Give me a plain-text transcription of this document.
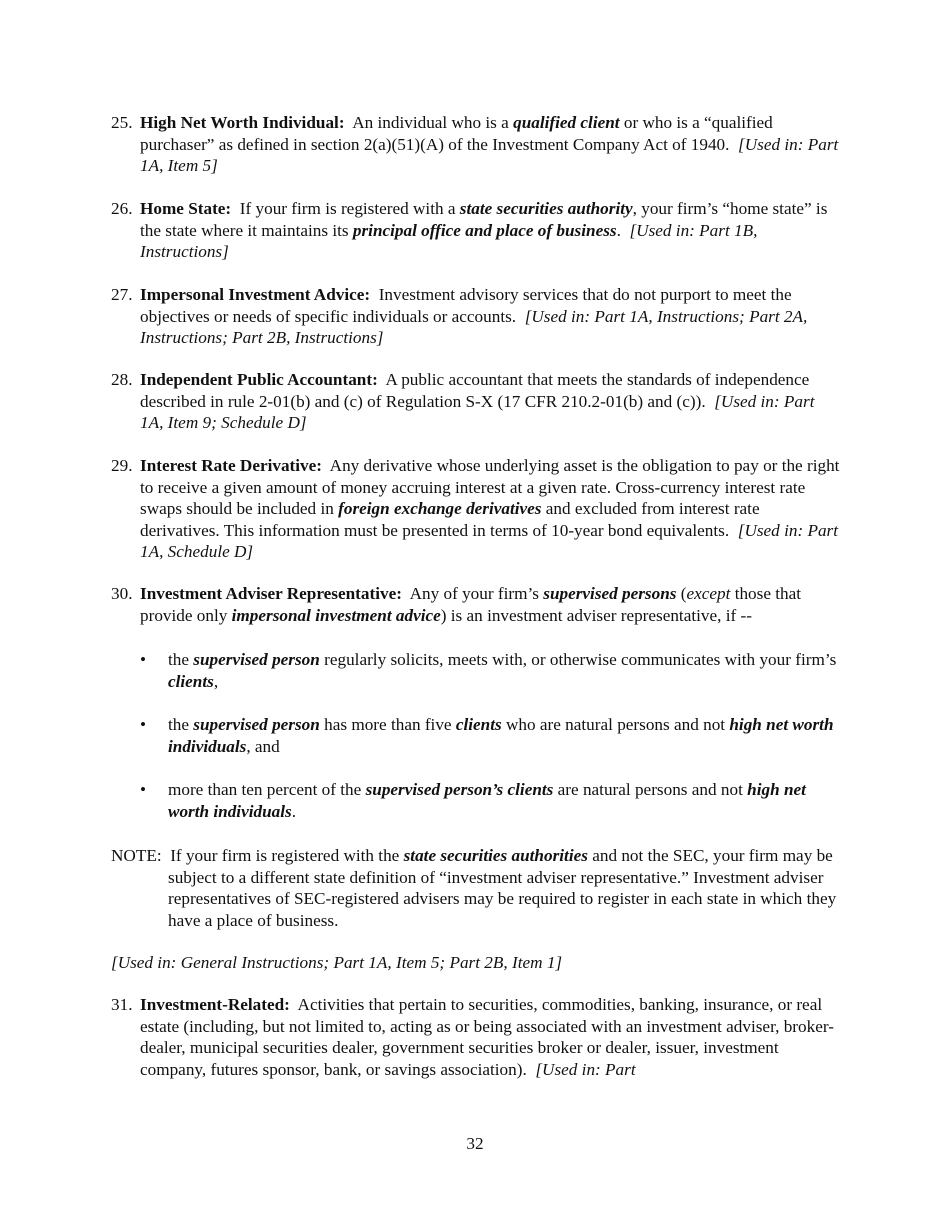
25. High Net Worth Individual: An individual who is a qualified client or who is a “qualified purchaser” as defined in section 2(a)(51)(A) of the Investment Company Act of 1940. [Used in: Part 1A, Item 5]
26. Home State: If your firm is registered with a state securities authority, your firm’s “home state” is the state where it maintains its principal office and place of business. [Used in: Part 1B, Instructions]
27. Impersonal Investment Advice: Investment advisory services that do not purport to meet the objectives or needs of specific individuals or accounts. [Used in: Part 1A, Instructions; Part 2A, Instructions; Part 2B, Instructions]
28. Independent Public Accountant: A public accountant that meets the standards of independence described in rule 2-01(b) and (c) of Regulation S-X (17 CFR 210.2-01(b) and (c)). [Used in: Part 1A, Item 9; Schedule D]
29. Interest Rate Derivative: Any derivative whose underlying asset is the obligation to pay or the right to receive a given amount of money accruing interest at a given rate. Cross-currency interest rate swaps should be included in foreign exchange derivatives and excluded from interest rate derivatives. This information must be presented in terms of 10-year bond equivalents. [Used in: Part 1A, Schedule D]
30. Investment Adviser Representative: Any of your firm’s supervised persons (except those that provide only impersonal investment advice) is an investment adviser representative, if --
• the supervised person regularly solicits, meets with, or otherwise communicates with your firm’s clients,
• the supervised person has more than five clients who are natural persons and not high net worth individuals, and
• more than ten percent of the supervised person’s clients are natural persons and not high net worth individuals.
NOTE: If your firm is registered with the state securities authorities and not the SEC, your firm may be subject to a different state definition of “investment adviser representative.” Investment adviser representatives of SEC-registered advisers may be required to register in each state in which they have a place of business.
[Used in: General Instructions; Part 1A, Item 5; Part 2B, Item 1]
31. Investment-Related: Activities that pertain to securities, commodities, banking, insurance, or real estate (including, but not limited to, acting as or being associated with an investment adviser, broker-dealer, municipal securities dealer, government securities broker or dealer, issuer, investment company, futures sponsor, bank, or savings association). [Used in: Part
32
